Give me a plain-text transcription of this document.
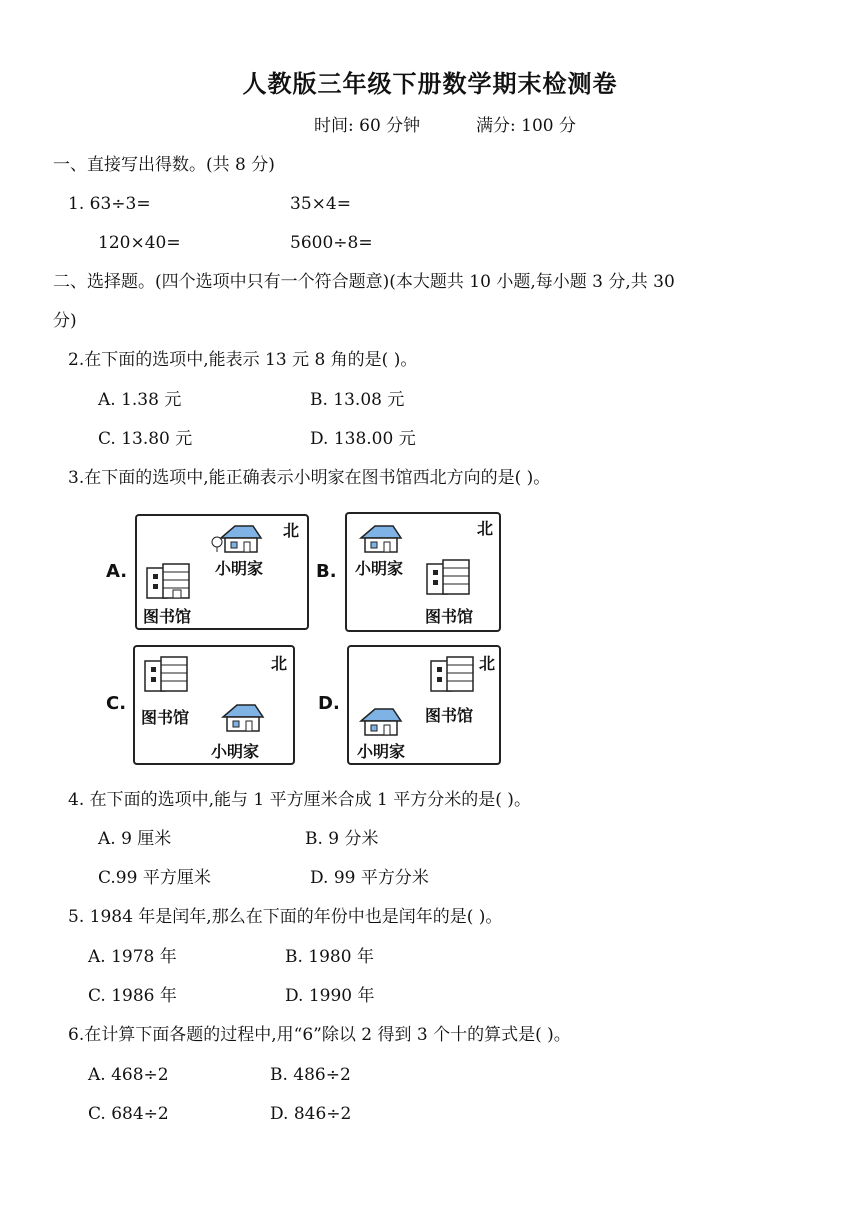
人教版三年级下册数学期末检测卷
时间: 60 分钟	满分: 100 分
一、直接写出得数。(共 8 分)
1. 63÷3=	35×4=
120×40=	5600÷8=
二、选择题。(四个选项中只有一个符合题意)(本大题共 10 小题,每小题 3 分,共 30
分)
2.在下面的选项中,能表示 13 元 8 角的是( )。
A. 1.38 元	B. 13.08 元
C. 13.80 元	D. 138.00 元
3.在下面的选项中,能正确表示小明家在图书馆西北方向的是( )。
A.
北
小明家
图书馆
B.
北
小明家
图书馆
C.
北
图书馆
小明家
D.
北
图书馆
小明家
4. 在下面的选项中,能与 1 平方厘米合成 1 平方分米的是( )。
A. 9 厘米	B. 9 分米
C.99 平方厘米	D. 99 平方分米
5. 1984 年是闰年,那么在下面的年份中也是闰年的是( )。
A. 1978 年	B. 1980 年
C. 1986 年	D. 1990 年
6.在计算下面各题的过程中,用“6”除以 2 得到 3 个十的算式是( )。
A. 468÷2	B. 486÷2
C. 684÷2	D. 846÷2
